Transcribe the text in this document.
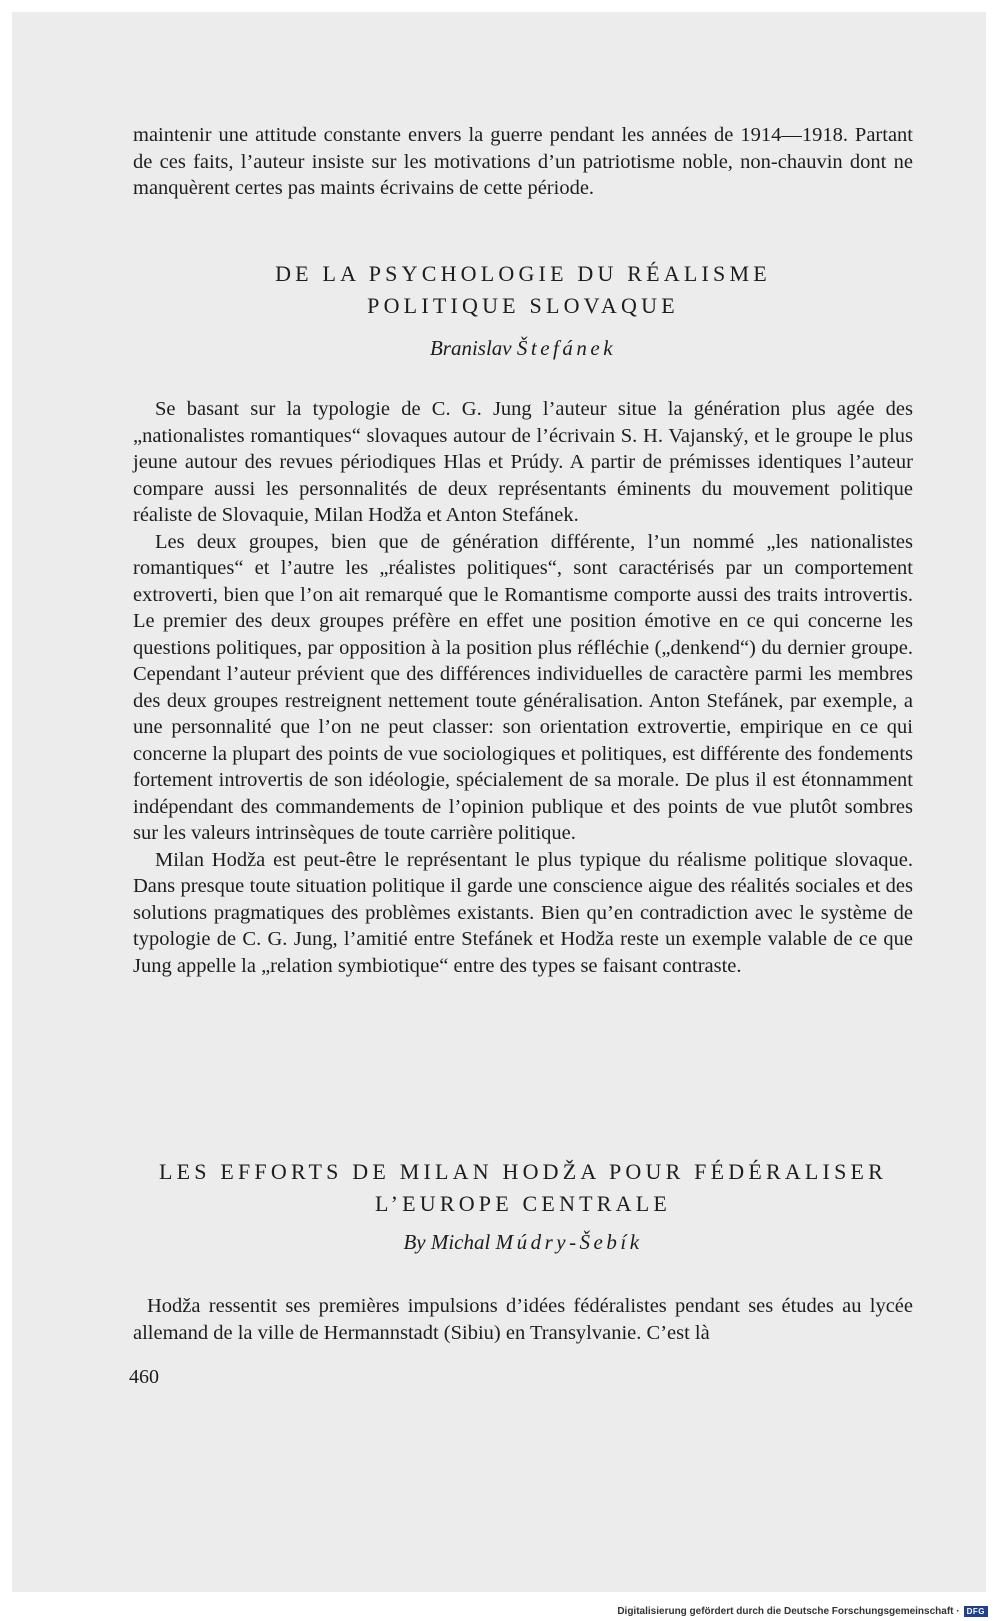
maintenir une attitude constante envers la guerre pendant les années de 1914—1918. Partant de ces faits, l’auteur insiste sur les motivations d’un patriotisme noble, non-chauvin dont ne manquèrent certes pas maints écrivains de cette période.

DE LA PSYCHOLOGIE DU RÉALISME
POLITIQUE SLOVAQUE
Branislav Štefánek

Se basant sur la typologie de C. G. Jung l’auteur situe la génération plus agée des „nationalistes romantiques“ slovaques autour de l’écrivain S. H. Vajanský, et le groupe le plus jeune autour des revues périodiques Hlas et Prúdy. A partir de prémisses identiques l’auteur compare aussi les personnalités de deux représentants éminents du mouvement politique réaliste de Slovaquie, Milan Hodža et Anton Stefánek.

Les deux groupes, bien que de génération différente, l’un nommé „les nationalistes romantiques“ et l’autre les „réalistes politiques“, sont caractérisés par un comportement extroverti, bien que l’on ait remarqué que le Romantisme comporte aussi des traits introvertis. Le premier des deux groupes préfère en effet une position émotive en ce qui concerne les questions politiques, par opposition à la position plus réfléchie („denkend“) du dernier groupe. Cependant l’auteur prévient que des différences individuelles de caractère parmi les membres des deux groupes restreignent nettement toute généralisation. Anton Stefánek, par exemple, a une personnalité que l’on ne peut classer: son orientation extrovertie, empirique en ce qui concerne la plupart des points de vue sociologiques et politiques, est différente des fondements fortement introvertis de son idéologie, spécialement de sa morale. De plus il est étonnamment indépendant des commandements de l’opinion publique et des points de vue plutôt sombres sur les valeurs intrinsèques de toute carrière politique.

Milan Hodža est peut-être le représentant le plus typique du réalisme politique slovaque. Dans presque toute situation politique il garde une conscience aigue des réalités sociales et des solutions pragmatiques des problèmes existants. Bien qu’en contradiction avec le système de typologie de C. G. Jung, l’amitié entre Stefánek et Hodža reste un exemple valable de ce que Jung appelle la „relation symbiotique“ entre des types se faisant contraste.

LES EFFORTS DE MILAN HODŽA POUR FÉDÉRALISER
L’EUROPE CENTRALE
By Michal Múdry-Šebík

Hodža ressentit ses premières impulsions d’idées fédéralistes pendant ses études au lycée allemand de la ville de Hermannstadt (Sibiu) en Transylvanie. C’est là

460
Digitalisierung gefördert durch die Deutsche Forschungsgemeinschaft · DFG
